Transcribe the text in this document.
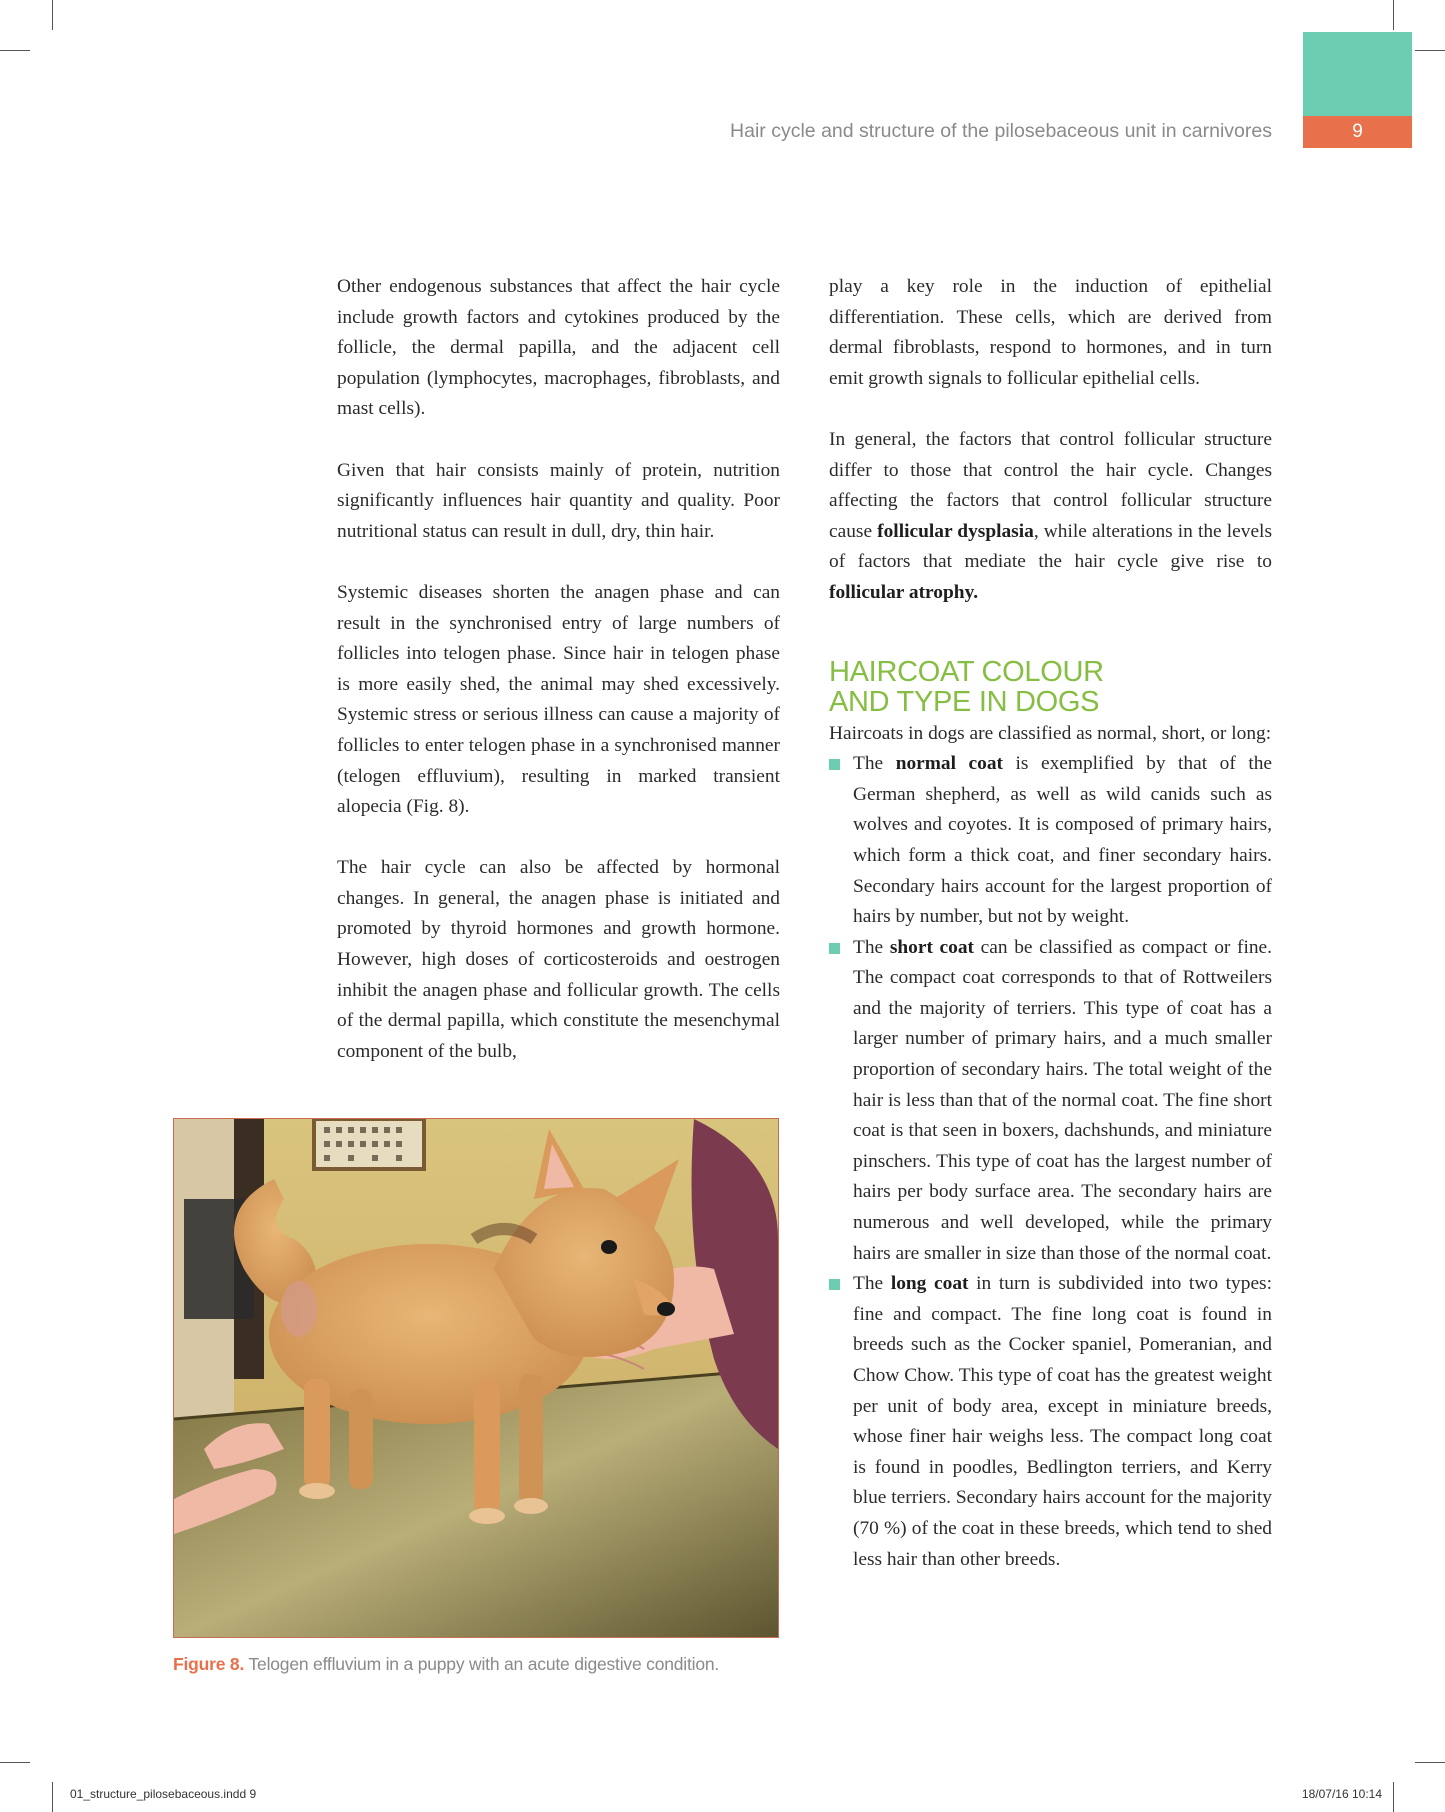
Hair cycle and structure of the pilosebaceous unit in carnivores	9

Other endogenous substances that affect the hair cycle include growth factors and cytokines produced by the follicle, the dermal papilla, and the adjacent cell population (lymphocytes, macrophages, fibroblasts, and mast cells).

Given that hair consists mainly of protein, nutrition significantly influences hair quantity and quality. Poor nutritional status can result in dull, dry, thin hair.

Systemic diseases shorten the anagen phase and can result in the synchronised entry of large numbers of follicles into telogen phase. Since hair in telogen phase is more easily shed, the animal may shed excessively. Systemic stress or serious illness can cause a majority of follicles to enter telogen phase in a synchronised manner (telogen effluvium), resulting in marked transient alopecia (Fig. 8).

The hair cycle can also be affected by hormonal changes. In general, the anagen phase is initiated and promoted by thyroid hormones and growth hormone. However, high doses of corticosteroids and oestrogen inhibit the anagen phase and follicular growth. The cells of the dermal papilla, which constitute the mesenchymal component of the bulb,

play a key role in the induction of epithelial differentiation. These cells, which are derived from dermal fibroblasts, respond to hormones, and in turn emit growth signals to follicular epithelial cells.

In general, the factors that control follicular structure differ to those that control the hair cycle. Changes affecting the factors that control follicular structure cause follicular dysplasia, while alterations in the levels of factors that mediate the hair cycle give rise to follicular atrophy.

HAIRCOAT COLOUR
AND TYPE IN DOGS
Haircoats in dogs are classified as normal, short, or long:
The normal coat is exemplified by that of the German shepherd, as well as wild canids such as wolves and coyotes. It is composed of primary hairs, which form a thick coat, and finer secondary hairs. Secondary hairs account for the largest proportion of hairs by number, but not by weight.
The short coat can be classified as compact or fine. The compact coat corresponds to that of Rottweilers and the majority of terriers. This type of coat has a larger number of primary hairs, and a much smaller proportion of secondary hairs. The total weight of the hair is less than that of the normal coat. The fine short coat is that seen in boxers, dachshunds, and miniature pinschers. This type of coat has the largest number of hairs per body surface area. The secondary hairs are numerous and well developed, while the primary hairs are smaller in size than those of the normal coat.
The long coat in turn is subdivided into two types: fine and compact. The fine long coat is found in breeds such as the Cocker spaniel, Pomeranian, and Chow Chow. This type of coat has the greatest weight per unit of body area, except in miniature breeds, whose finer hair weighs less. The compact long coat is found in poodles, Bedlington terriers, and Kerry blue terriers. Secondary hairs account for the majority (70 %) of the coat in these breeds, which tend to shed less hair than other breeds.
Figure 8. Telogen effluvium in a puppy with an acute digestive condition.
01_structure_pilosebaceous.indd 9	18/07/16 10:14
